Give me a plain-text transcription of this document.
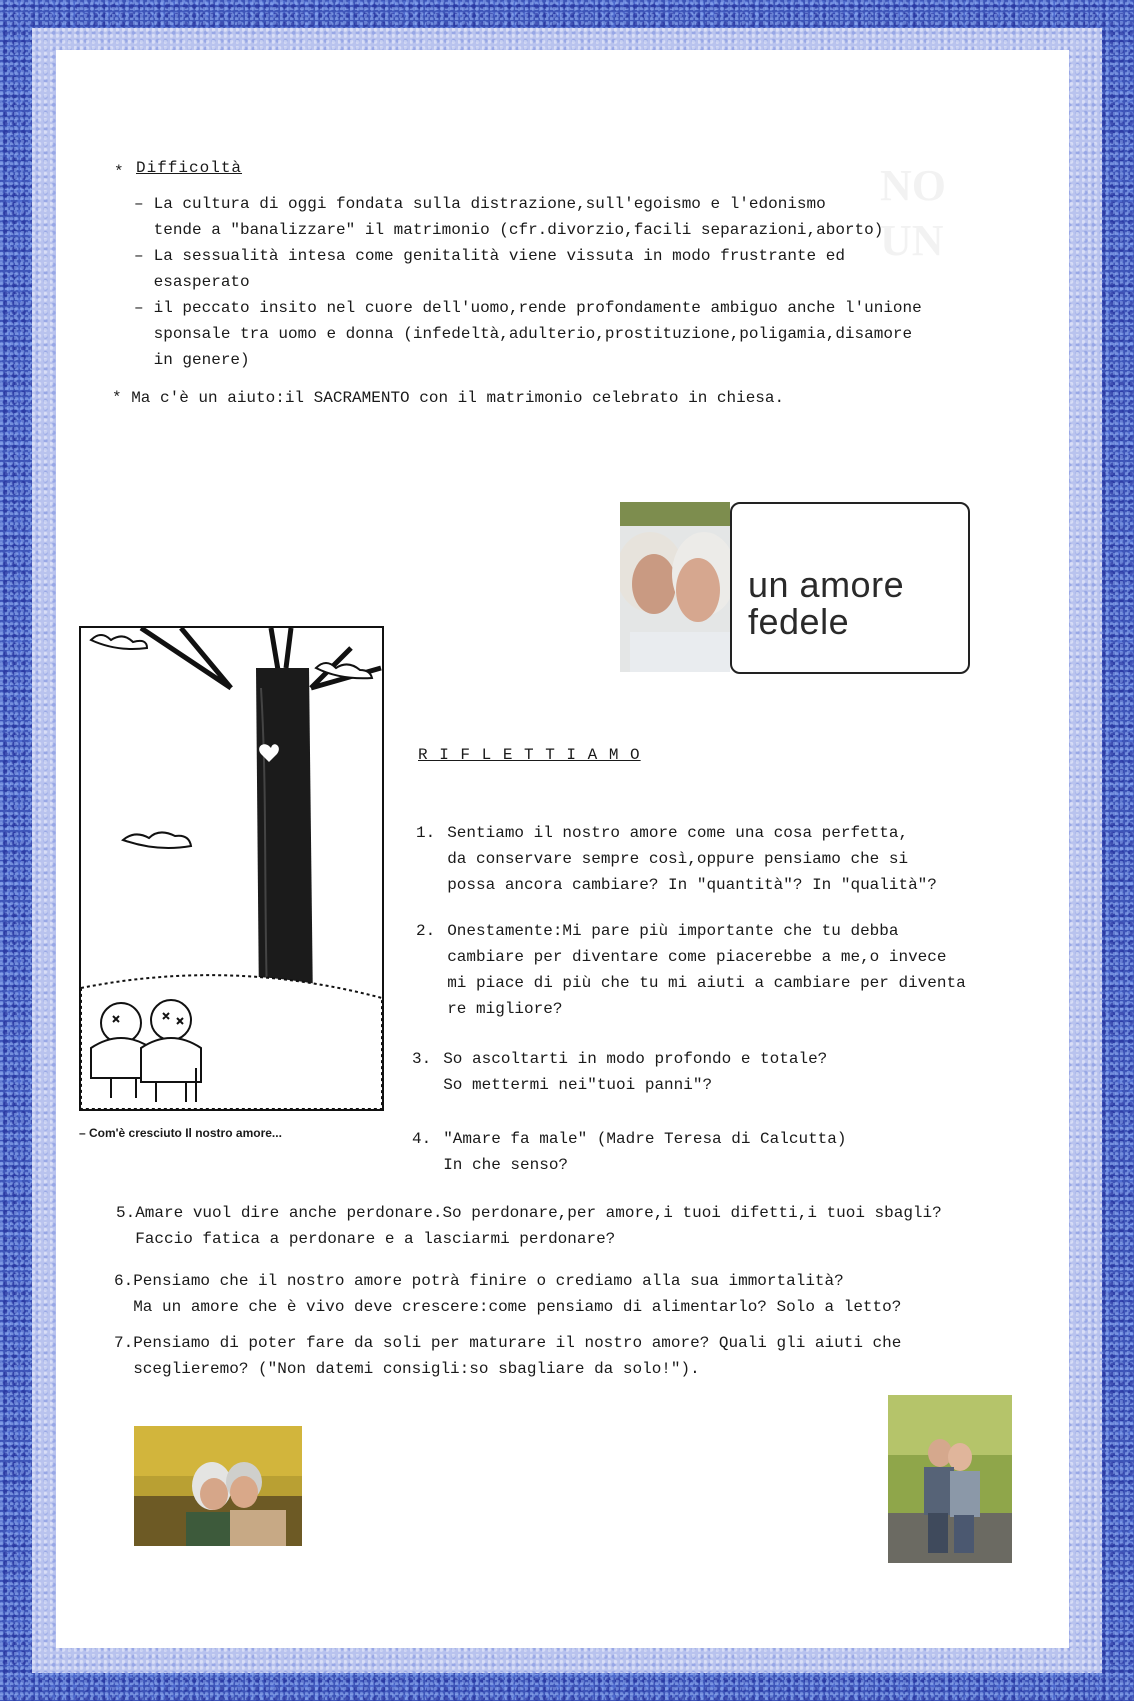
* Difficoltà
– La cultura di oggi fondata sulla distrazione,sull'egoismo e l'edonismo
tende a "banalizzare" il matrimonio (cfr.divorzio,facili separazioni,aborto)
– La sessualità intesa come genitalità viene vissuta in modo frustrante ed
esasperato
– il peccato insito nel cuore dell'uomo,rende profondamente ambiguo anche l'unione
sponsale tra uomo e donna (infedeltà,adulterio,prostituzione,poligamia,disamore
in genere)
* Ma c'è un aiuto:il SACRAMENTO con il matrimonio celebrato in chiesa.
un amore
fedele
– Com'è cresciuto Il nostro amore...
R I F L E T T I A M O
1. Sentiamo il nostro amore come una cosa perfetta,
da conservare sempre così,oppure pensiamo che si
possa ancora cambiare? In "quantità"? In "qualità"?
2. Onestamente:Mi pare più importante che tu debba
cambiare per diventare come piacerebbe a me,o invece
mi piace di più che tu mi aiuti a cambiare per diventa
re migliore?
3. So ascoltarti in modo profondo e totale?
So mettermi nei"tuoi panni"?
4. "Amare fa male" (Madre Teresa di Calcutta)
In che senso?
5.Amare vuol dire anche perdonare.So perdonare,per amore,i tuoi difetti,i tuoi sbagli?
Faccio fatica a perdonare e a lasciarmi perdonare?
6.Pensiamo che il nostro amore potrà finire o crediamo alla sua immortalità?
Ma un amore che è vivo deve crescere:come pensiamo di alimentarlo? Solo a letto?
7.Pensiamo di poter fare da soli per maturare il nostro amore? Quali gli aiuti che
sceglieremo? ("Non datemi consigli:so sbagliare da solo!").
